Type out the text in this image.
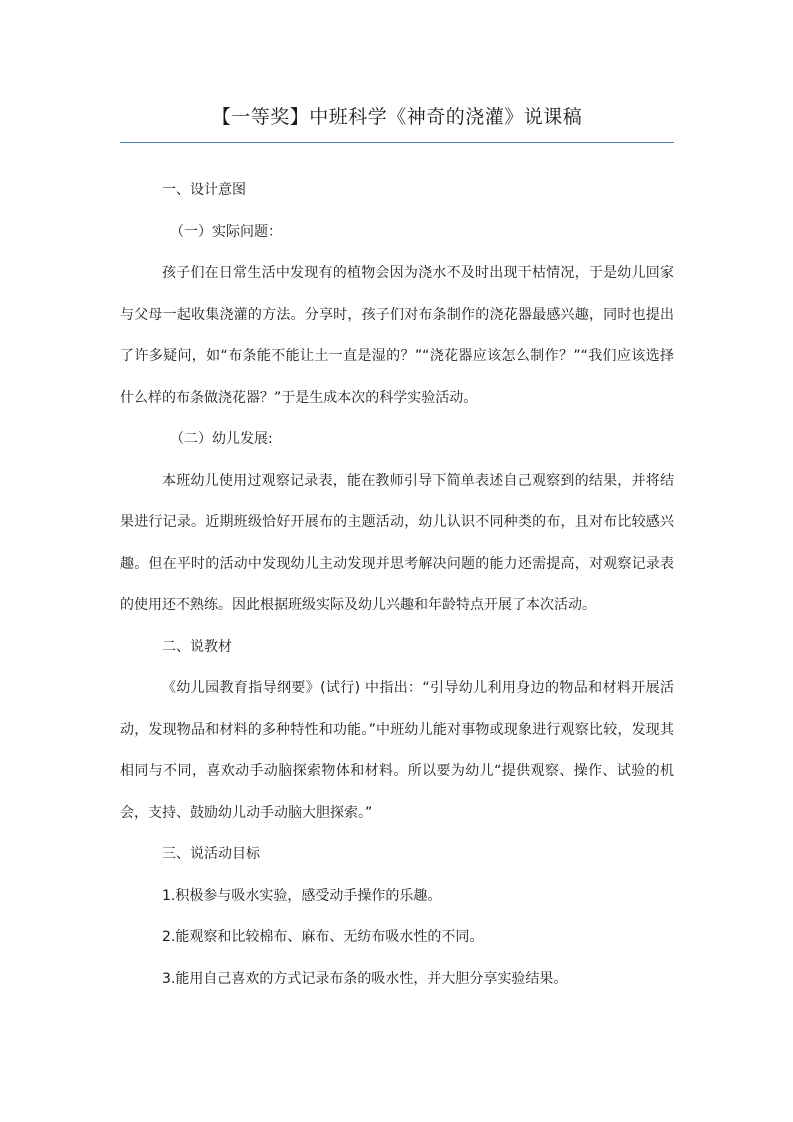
【一等奖】中班科学《神奇的浇灌》说课稿

一、设计意图

（一）实际问题：

孩子们在日常生活中发现有的植物会因为浇水不及时出现干枯情况，于是幼儿回家与父母一起收集浇灌的方法。分享时，孩子们对布条制作的浇花器最感兴趣，同时也提出了许多疑问，如“布条能不能让土一直是湿的？”“浇花器应该怎么制作？”“我们应该选择什么样的布条做浇花器？”于是生成本次的科学实验活动。

（二）幼儿发展:

本班幼儿使用过观察记录表，能在教师引导下简单表述自己观察到的结果，并将结果进行记录。近期班级恰好开展布的主题活动，幼儿认识不同种类的布，且对布比较感兴趣。但在平时的活动中发现幼儿主动发现并思考解决问题的能力还需提高，对观察记录表的使用还不熟练。因此根据班级实际及幼儿兴趣和年龄特点开展了本次活动。

二、说教材

《幼儿园教育指导纲要》(试行) 中指出：“引导幼儿利用身边的物品和材料开展活动，发现物品和材料的多种特性和功能。”中班幼儿能对事物或现象进行观察比较，发现其相同与不同，喜欢动手动脑探索物体和材料。所以要为幼儿“提供观察、操作、试验的机会，支持、鼓励幼儿动手动脑大胆探索。”

三、说活动目标

1.积极参与吸水实验，感受动手操作的乐趣。

2.能观察和比较棉布、麻布、无纺布吸水性的不同。

3.能用自己喜欢的方式记录布条的吸水性，并大胆分享实验结果。
